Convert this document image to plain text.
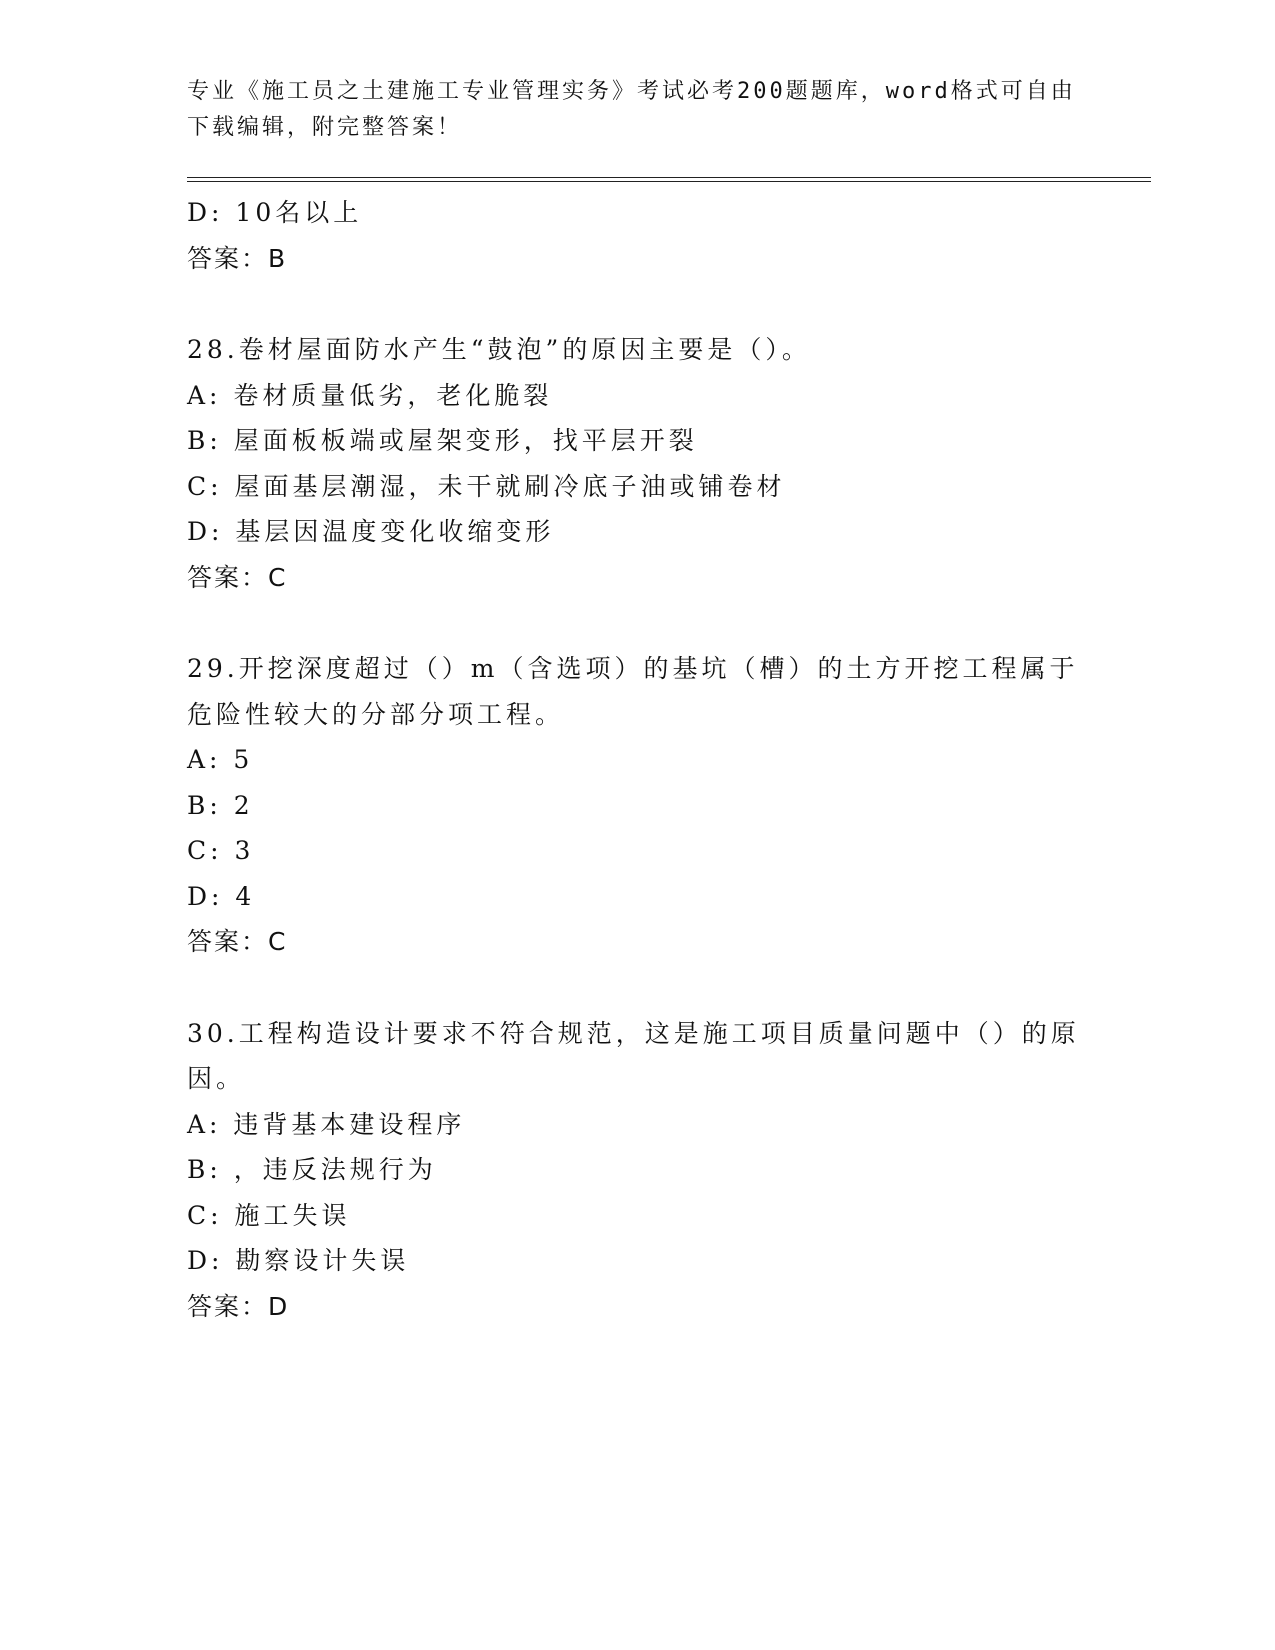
专业《施工员之土建施工专业管理实务》考试必考200题题库，word格式可自由
下载编辑，附完整答案！
D: 10名以上
答案：B
28.卷材屋面防水产生“鼓泡”的原因主要是（）。
A: 卷材质量低劣，老化脆裂
B: 屋面板板端或屋架变形，找平层开裂
C: 屋面基层潮湿，未干就刷冷底子油或铺卷材
D: 基层因温度变化收缩变形
答案：C
29.开挖深度超过（）m（含选项）的基坑（槽）的土方开挖工程属于
危险性较大的分部分项工程。
A: 5
B: 2
C: 3
D: 4
答案：C
30.工程构造设计要求不符合规范，这是施工项目质量问题中（）的原
因。
A: 违背基本建设程序
B: ，违反法规行为
C: 施工失误
D: 勘察设计失误
答案：D
